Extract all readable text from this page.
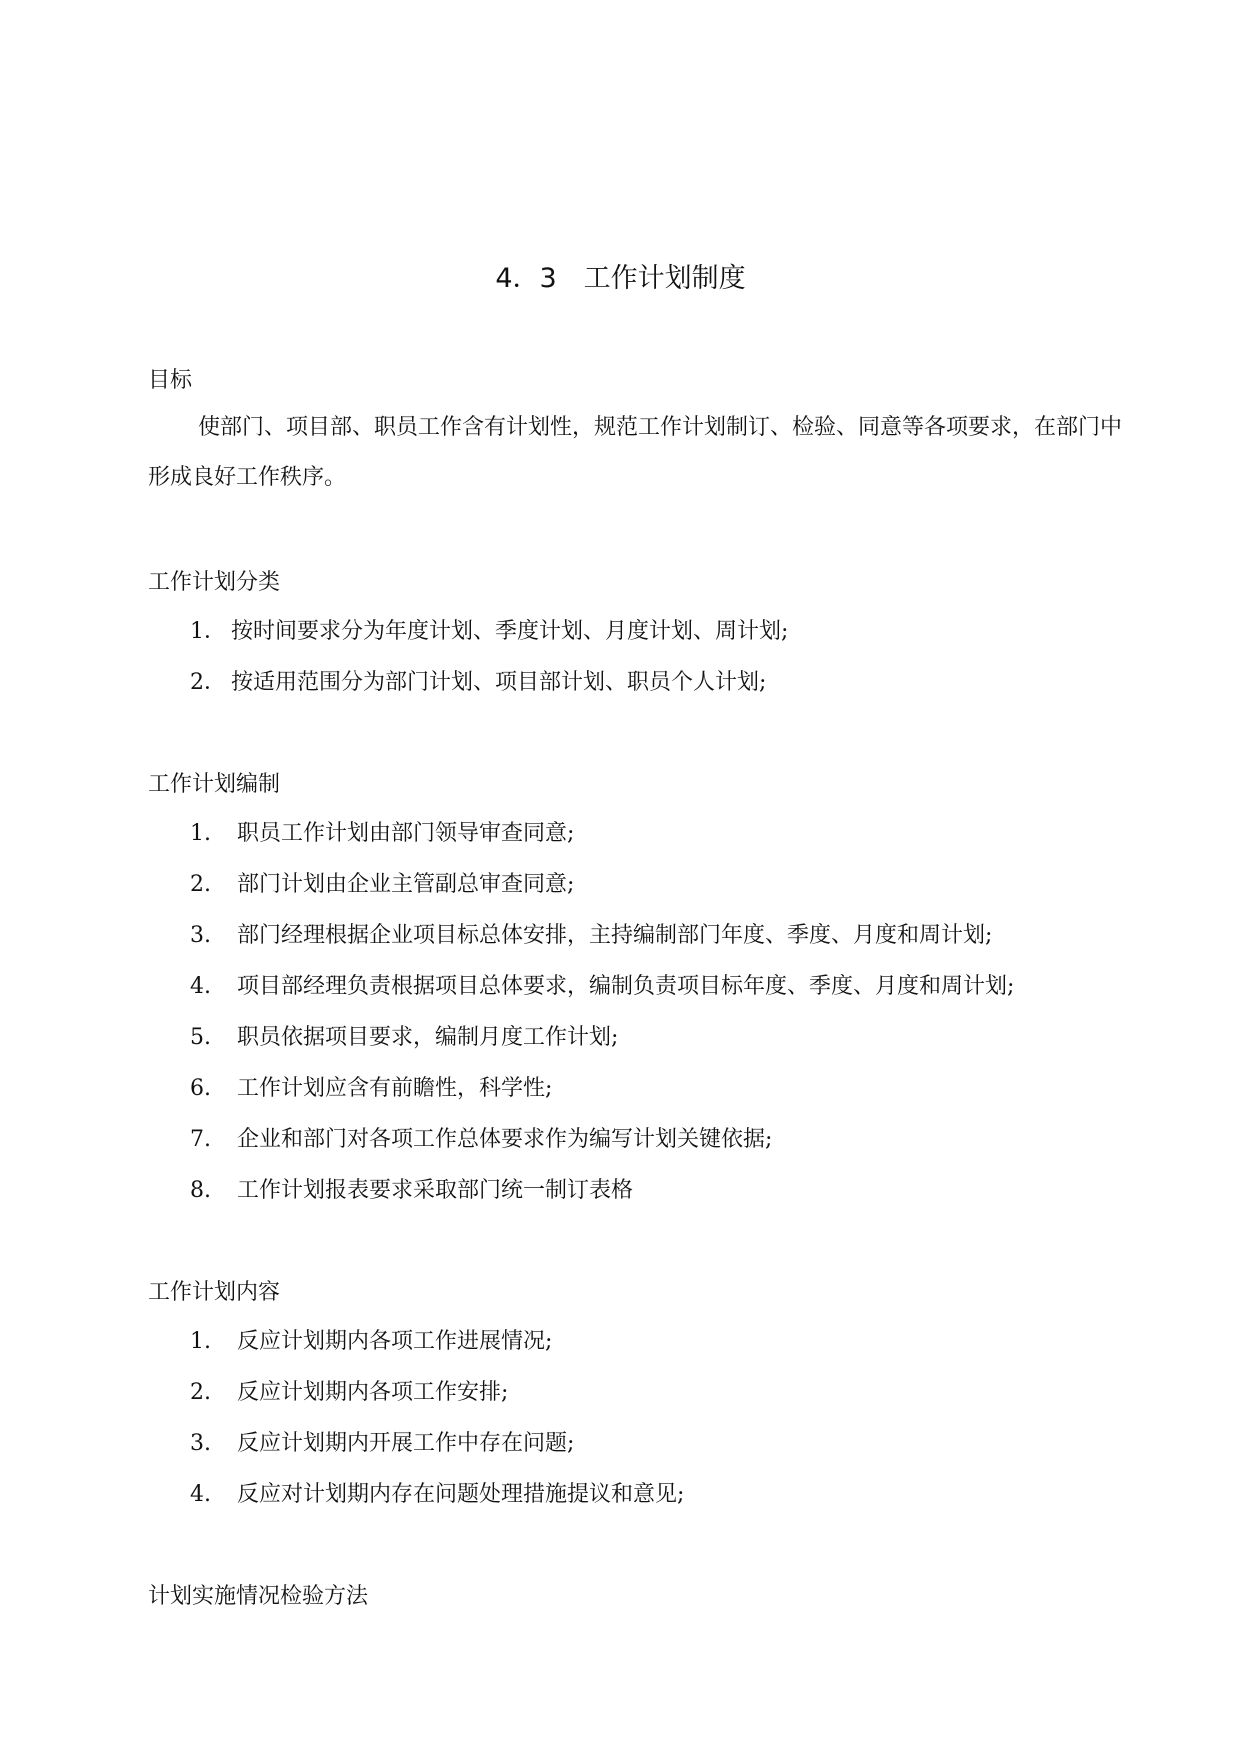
4．3　工作计划制度
目标

使部门、项目部、职员工作含有计划性，规范工作计划制订、检验、同意等各项要求，在部门中形成良好工作秩序。

工作计划分类
1． 按时间要求分为年度计划、季度计划、月度计划、周计划;
2． 按适用范围分为部门计划、项目部计划、职员个人计划;
工作计划编制
1.	职员工作计划由部门领导审查同意;
2.	部门计划由企业主管副总审查同意;
3.	部门经理根据企业项目标总体安排，主持编制部门年度、季度、月度和周计划;
4.	项目部经理负责根据项目总体要求，编制负责项目标年度、季度、月度和周计划;
5.	职员依据项目要求，编制月度工作计划;
6.	工作计划应含有前瞻性，科学性;
7.	企业和部门对各项工作总体要求作为编写计划关键依据;
8.	工作计划报表要求采取部门统一制订表格
工作计划内容
1.	反应计划期内各项工作进展情况;
2.	反应计划期内各项工作安排;
3.	反应计划期内开展工作中存在问题;
4.	反应对计划期内存在问题处理措施提议和意见;
计划实施情况检验方法
